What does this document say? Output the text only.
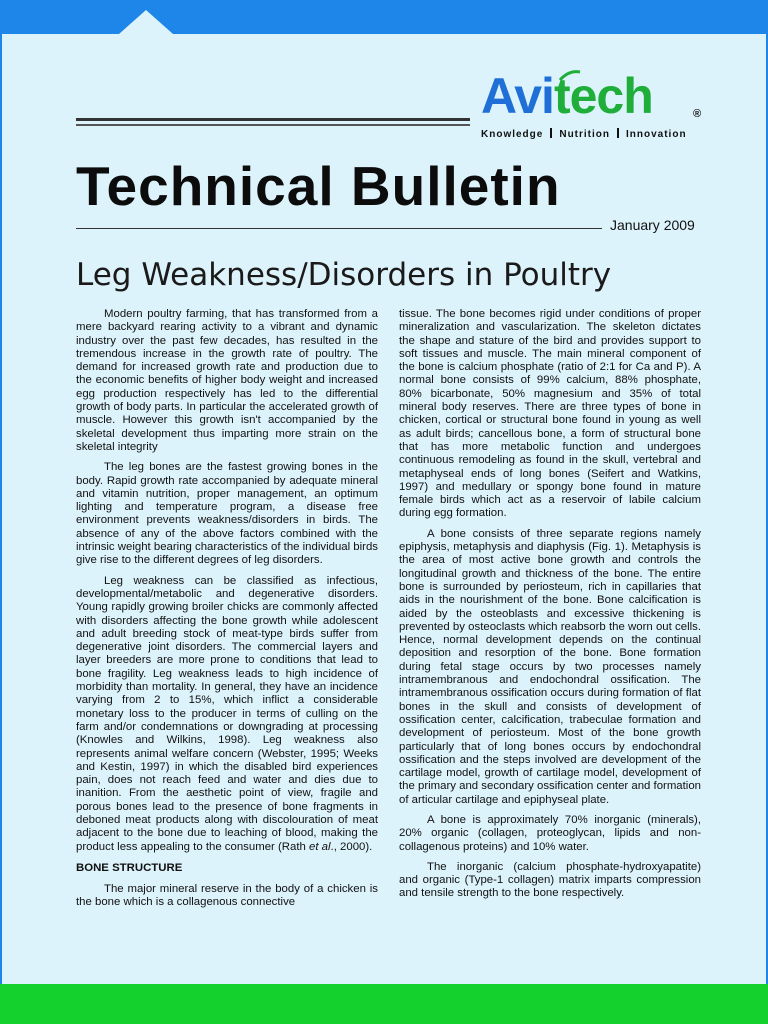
Avitech	®
Knowledge Nutrition Innovation
Technical Bulletin
January 2009
Leg Weakness/Disorders in Poultry

Modern poultry farming, that has transformed from a mere backyard rearing activity to a vibrant and dynamic industry over the past few decades, has resulted in the tremendous increase in the growth rate of poultry. The demand for increased growth rate and production due to the economic benefits of higher body weight and increased egg production respectively has led to the differential growth of body parts. In particular the accelerated growth of muscle. However this growth isn't accompanied by the skeletal development thus imparting more strain on the skeletal integrity

The leg bones are the fastest growing bones in the body. Rapid growth rate accompanied by adequate mineral and vitamin nutrition, proper management, an optimum lighting and temperature program, a disease free environment prevents weakness/disorders in birds. The absence of any of the above factors combined with the intrinsic weight bearing characteristics of the individual birds give rise to the different degrees of leg disorders.

Leg weakness can be classified as infectious, developmental/metabolic and degenerative disorders. Young rapidly growing broiler chicks are commonly affected with disorders affecting the bone growth while adolescent and adult breeding stock of meat-type birds suffer from degenerative joint disorders. The commercial layers and layer breeders are more prone to conditions that lead to bone fragility. Leg weakness leads to high incidence of morbidity than mortality. In general, they have an incidence varying from 2 to 15%, which inflict a considerable monetary loss to the producer in terms of culling on the farm and/or condemnations or downgrading at processing (Knowles and Wilkins, 1998). Leg weakness also represents animal welfare concern (Webster, 1995; Weeks and Kestin, 1997) in which the disabled bird experiences pain, does not reach feed and water and dies due to inanition. From the aesthetic point of view, fragile and porous bones lead to the presence of bone fragments in deboned meat products along with discolouration of meat adjacent to the bone due to leaching of blood, making the product less appealing to the consumer (Rath et al., 2000).

BONE STRUCTURE

The major mineral reserve in the body of a chicken is the bone which is a collagenous connective

tissue. The bone becomes rigid under conditions of proper mineralization and vascularization. The skeleton dictates the shape and stature of the bird and provides support to soft tissues and muscle. The main mineral component of the bone is calcium phosphate (ratio of 2:1 for Ca and P). A normal bone consists of 99% calcium, 88% phosphate, 80% bicarbonate, 50% magnesium and 35% of total mineral body reserves. There are three types of bone in chicken, cortical or structural bone found in young as well as adult birds; cancellous bone, a form of structural bone that has more metabolic function and undergoes continuous remodeling as found in the skull, vertebral and metaphyseal ends of long bones (Seifert and Watkins, 1997) and medullary or spongy bone found in mature female birds which act as a reservoir of labile calcium during egg formation.

A bone consists of three separate regions namely epiphysis, metaphysis and diaphysis (Fig. 1). Metaphysis is the area of most active bone growth and controls the longitudinal growth and thickness of the bone. The entire bone is surrounded by periosteum, rich in capillaries that aids in the nourishment of the bone. Bone calcification is aided by the osteoblasts and excessive thickening is prevented by osteoclasts which reabsorb the worn out cells. Hence, normal development depends on the continual deposition and resorption of the bone. Bone formation during fetal stage occurs by two processes namely intramembranous and endochondral ossification. The intramembranous ossification occurs during formation of flat bones in the skull and consists of development of ossification center, calcification, trabeculae formation and development of periosteum. Most of the bone growth particularly that of long bones occurs by endochondral ossification and the steps involved are development of the cartilage model, growth of cartilage model, development of the primary and secondary ossification center and formation of articular cartilage and epiphyseal plate.

A bone is approximately 70% inorganic (minerals), 20% organic (collagen, proteoglycan, lipids and non-collagenous proteins) and 10% water.

The inorganic (calcium phosphate-hydroxyapatite) and organic (Type-1 collagen) matrix imparts compression and tensile strength to the bone respectively.
